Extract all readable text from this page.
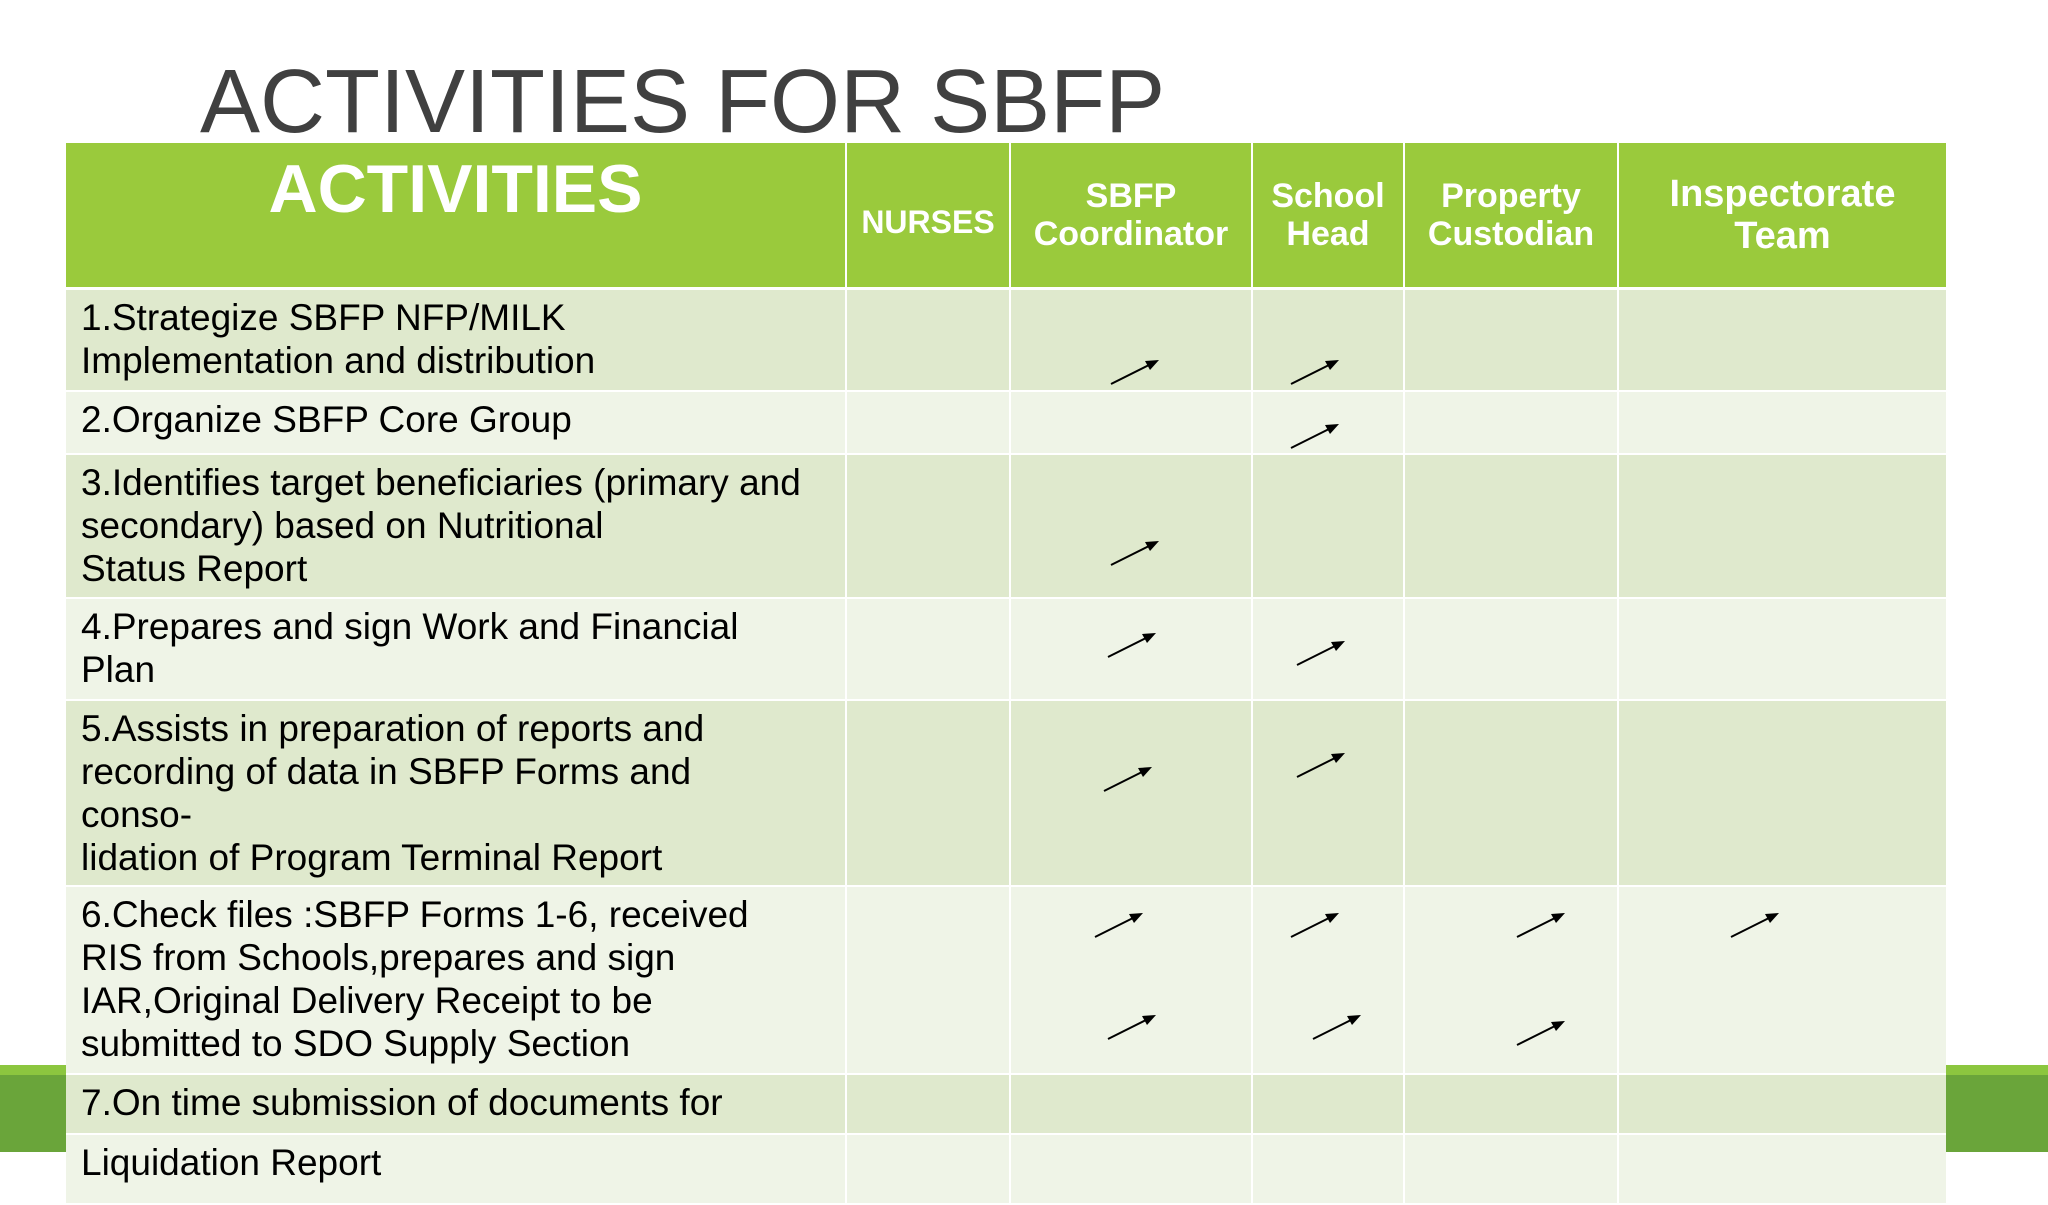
ACTIVITIES FOR SBFP
ACTIVITIES	NURSES	SBFP Coordinator	School Head	Property Custodian	Inspectorate Team
1.Strategize SBFP NFP/MILK
Implementation and distribution		

2.Organize SBFP Core Group			

3.Identifies target beneficiaries (primary and
secondary) based on Nutritional
Status Report		

4.Prepares and sign Work and Financial
Plan		

5.Assists in preparation of reports and
recording of data in SBFP Forms and
conso-
lidation of Program Terminal Report		

6.Check files :SBFP Forms 1-6, received
RIS from Schools,prepares and sign
IAR,Original Delivery Receipt to be
submitted to SDO Supply Section		

7.On time submission of documents for					
Liquidation Report					
